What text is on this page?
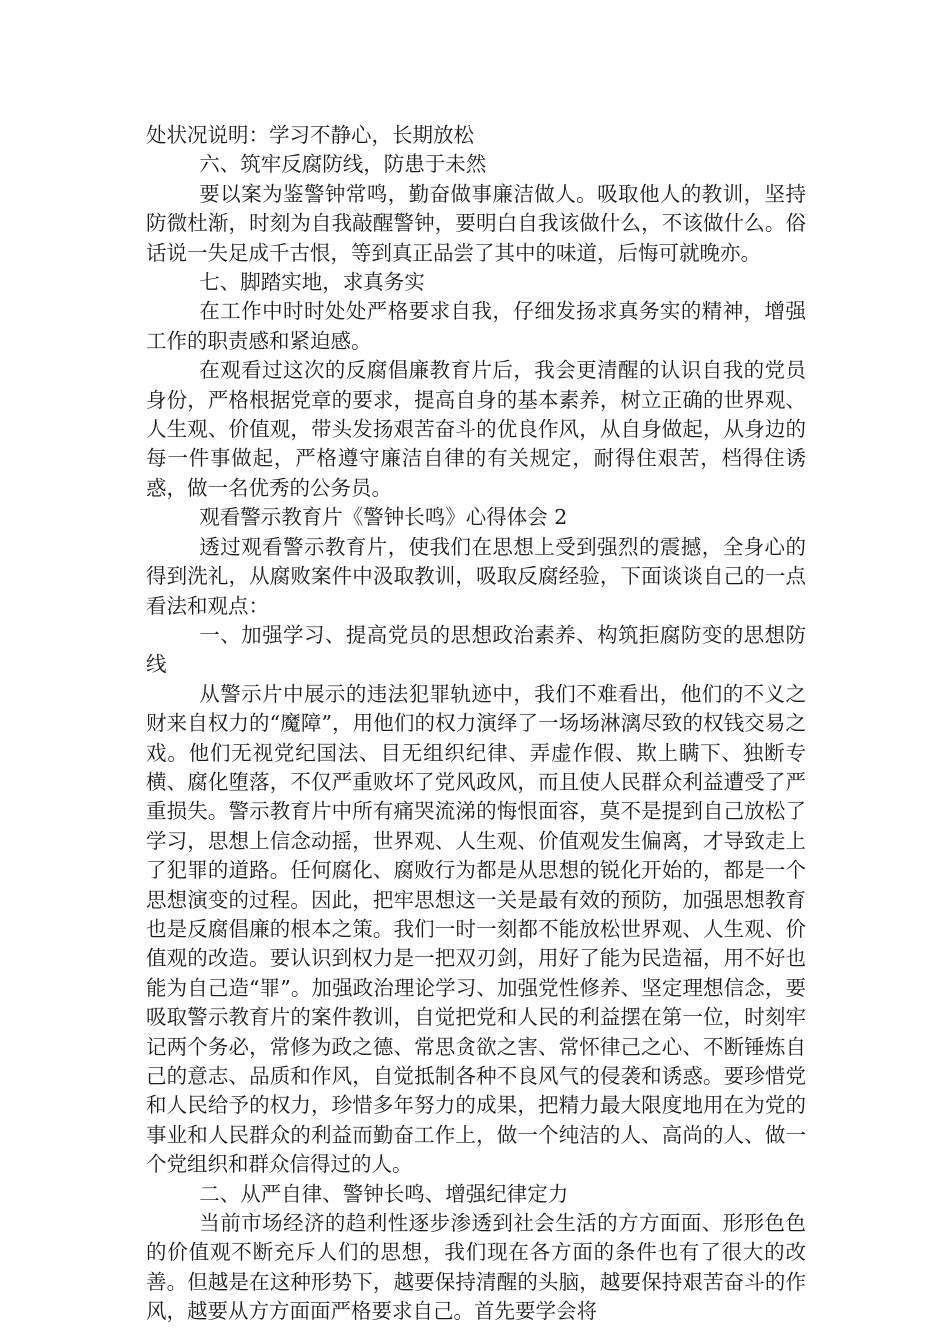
处状况说明：学习不静心，长期放松

六、筑牢反腐防线，防患于未然

要以案为鉴警钟常鸣，勤奋做事廉洁做人。吸取他人的教训，坚持防微杜渐，时刻为自我敲醒警钟，要明白自我该做什么，不该做什么。俗话说一失足成千古恨，等到真正品尝了其中的味道，后悔可就晚亦。

七、脚踏实地，求真务实

在工作中时时处处严格要求自我，仔细发扬求真务实的精神，增强工作的职责感和紧迫感。

在观看过这次的反腐倡廉教育片后，我会更清醒的认识自我的党员身份，严格根据党章的要求，提高自身的基本素养，树立正确的世界观、人生观、价值观，带头发扬艰苦奋斗的优良作风，从自身做起，从身边的每一件事做起，严格遵守廉洁自律的有关规定，耐得住艰苦，档得住诱惑，做一名优秀的公务员。

观看警示教育片《警钟长鸣》心得体会 2

透过观看警示教育片，使我们在思想上受到强烈的震撼，全身心的得到洗礼，从腐败案件中汲取教训，吸取反腐经验，下面谈谈自己的一点看法和观点：

一、加强学习、提高党员的思想政治素养、构筑拒腐防变的思想防线

从警示片中展示的违法犯罪轨迹中，我们不难看出，他们的不义之财来自权力的“魔障”，用他们的权力演绎了一场场淋漓尽致的权钱交易之戏。他们无视党纪国法、目无组织纪律、弄虚作假、欺上瞒下、独断专横、腐化堕落，不仅严重败坏了党风政风，而且使人民群众利益遭受了严重损失。警示教育片中所有痛哭流涕的悔恨面容，莫不是提到自己放松了学习，思想上信念动摇，世界观、人生观、价值观发生偏离，才导致走上了犯罪的道路。任何腐化、腐败行为都是从思想的锐化开始的，都是一个思想演变的过程。因此，把牢思想这一关是最有效的预防，加强思想教育也是反腐倡廉的根本之策。我们一时一刻都不能放松世界观、人生观、价值观的改造。要认识到权力是一把双刃剑，用好了能为民造福，用不好也能为自己造“罪”。加强政治理论学习、加强党性修养、坚定理想信念，要吸取警示教育片的案件教训，自觉把党和人民的利益摆在第一位，时刻牢记两个务必，常修为政之德、常思贪欲之害、常怀律己之心、不断锤炼自己的意志、品质和作风，自觉抵制各种不良风气的侵袭和诱惑。要珍惜党和人民给予的权力，珍惜多年努力的成果，把精力最大限度地用在为党的事业和人民群众的利益而勤奋工作上，做一个纯洁的人、高尚的人、做一个党组织和群众信得过的人。

二、从严自律、警钟长鸣、增强纪律定力

当前市场经济的趋利性逐步渗透到社会生活的方方面面、形形色色的价值观不断充斥人们的思想，我们现在各方面的条件也有了很大的改善。但越是在这种形势下，越要保持清醒的头脑，越要保持艰苦奋斗的作风，越要从方方面面严格要求自己。首先要学会将
